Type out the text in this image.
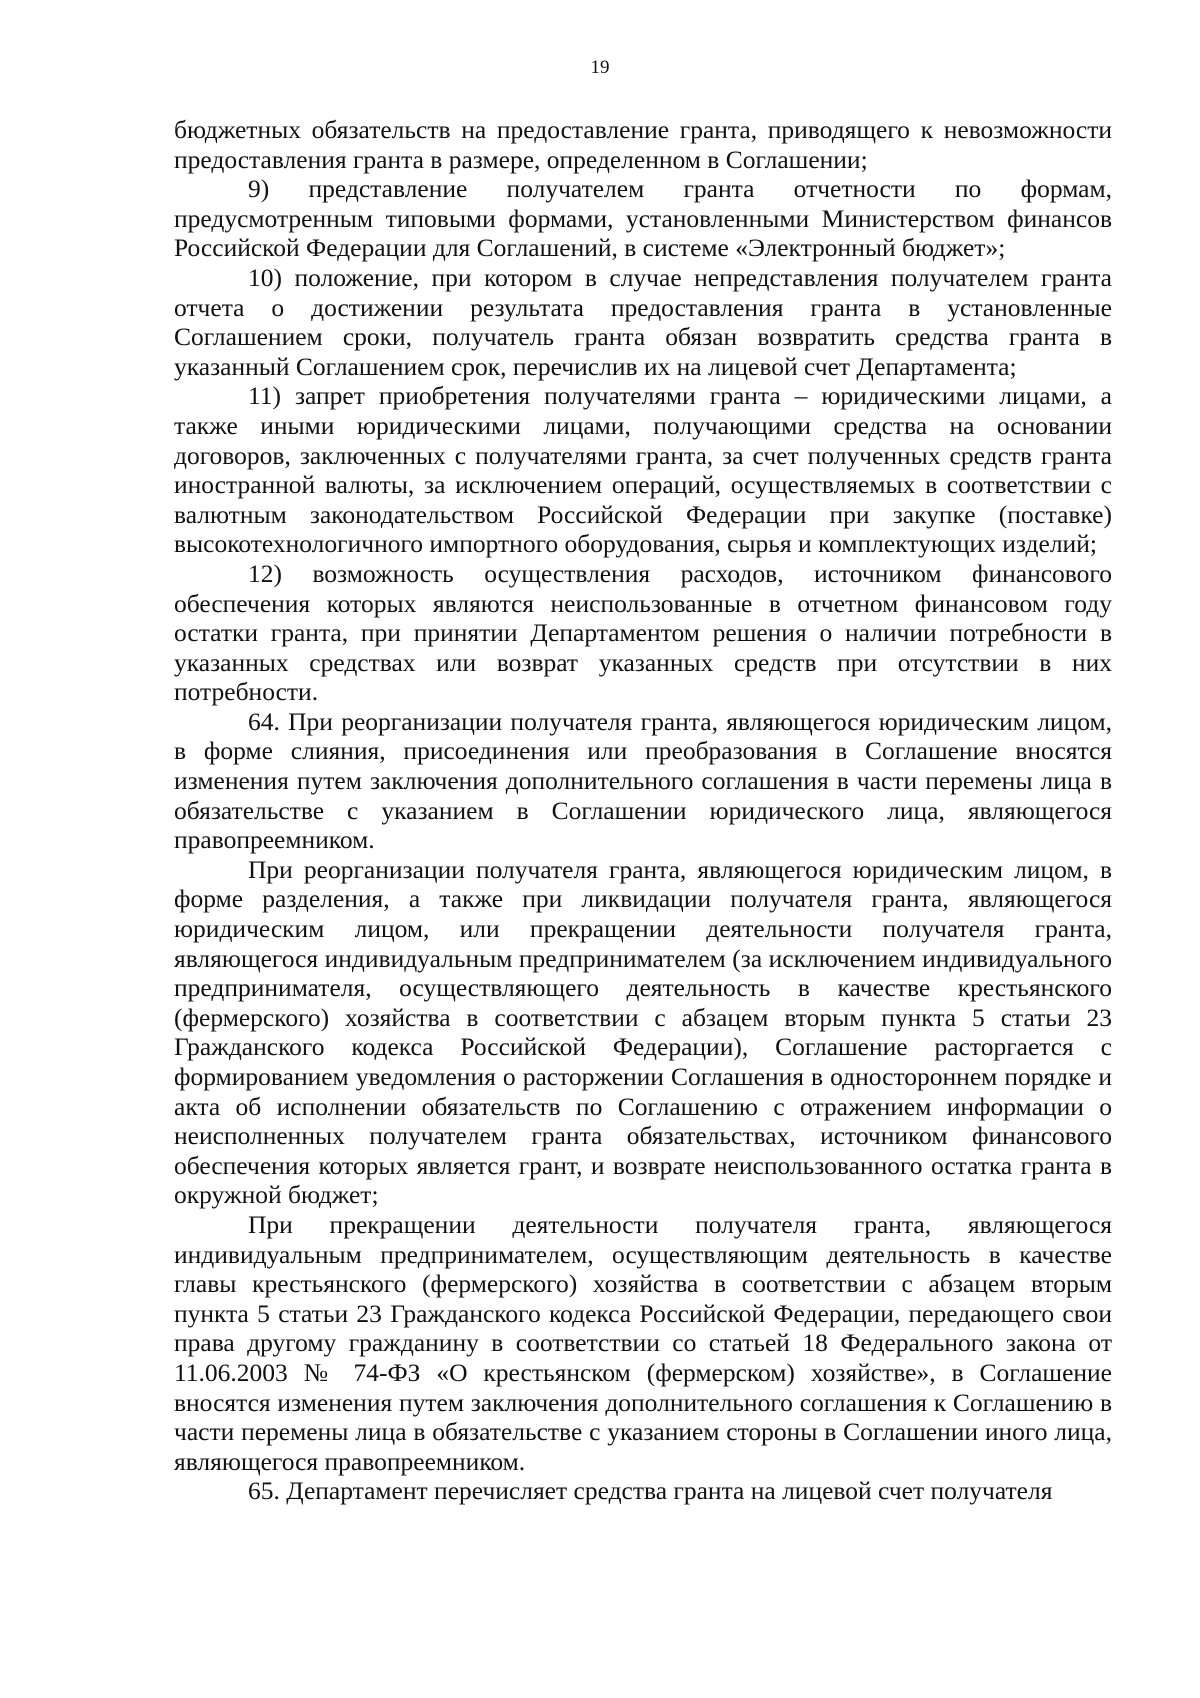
19

бюджетных обязательств на предоставление гранта, приводящего к невозможности предоставления гранта в размере, определенном в Соглашении;

9) представление получателем гранта отчетности по формам, предусмотренным типовыми формами, установленными Министерством финансов Российской Федерации для Соглашений, в системе «Электронный бюджет»;

10) положение, при котором в случае непредставления получателем гранта отчета о достижении результата предоставления гранта в установленные Соглашением сроки, получатель гранта обязан возвратить средства гранта в указанный Соглашением срок, перечислив их на лицевой счет Департамента;

11) запрет приобретения получателями гранта – юридическими лицами, а также иными юридическими лицами, получающими средства на основании договоров, заключенных с получателями гранта, за счет полученных средств гранта иностранной валюты, за исключением операций, осуществляемых в соответствии с валютным законодательством Российской Федерации при закупке (поставке) высокотехнологичного импортного оборудования, сырья и комплектующих изделий;

12) возможность осуществления расходов, источником финансового обеспечения которых являются неиспользованные в отчетном финансовом году остатки гранта, при принятии Департаментом решения о наличии потребности в указанных средствах или возврат указанных средств при отсутствии в них потребности.

64. При реорганизации получателя гранта, являющегося юридическим лицом, в форме слияния, присоединения или преобразования в Соглашение вносятся изменения путем заключения дополнительного соглашения в части перемены лица в обязательстве с указанием в Соглашении юридического лица, являющегося правопреемником.

При реорганизации получателя гранта, являющегося юридическим лицом, в форме разделения, а также при ликвидации получателя гранта, являющегося юридическим лицом, или прекращении деятельности получателя гранта, являющегося индивидуальным предпринимателем (за исключением индивидуального предпринимателя, осуществляющего деятельность в качестве крестьянского (фермерского) хозяйства в соответствии с абзацем вторым пункта 5 статьи 23 Гражданского кодекса Российской Федерации), Соглашение расторгается с формированием уведомления о расторжении Соглашения в одностороннем порядке и акта об исполнении обязательств по Соглашению с отражением информации о неисполненных получателем гранта обязательствах, источником финансового обеспечения которых является грант, и возврате неиспользованного остатка гранта в окружной бюджет;

При прекращении деятельности получателя гранта, являющегося индивидуальным предпринимателем, осуществляющим деятельность в качестве главы крестьянского (фермерского) хозяйства в соответствии с абзацем вторым пункта 5 статьи 23 Гражданского кодекса Российской Федерации, передающего свои права другому гражданину в соответствии со статьей 18 Федерального закона от 11.06.2003 № 74-ФЗ «О крестьянском (фермерском) хозяйстве», в Соглашение вносятся изменения путем заключения дополнительного соглашения к Соглашению в части перемены лица в обязательстве с указанием стороны в Соглашении иного лица, являющегося правопреемником.

65. Департамент перечисляет средства гранта на лицевой счет получателя
